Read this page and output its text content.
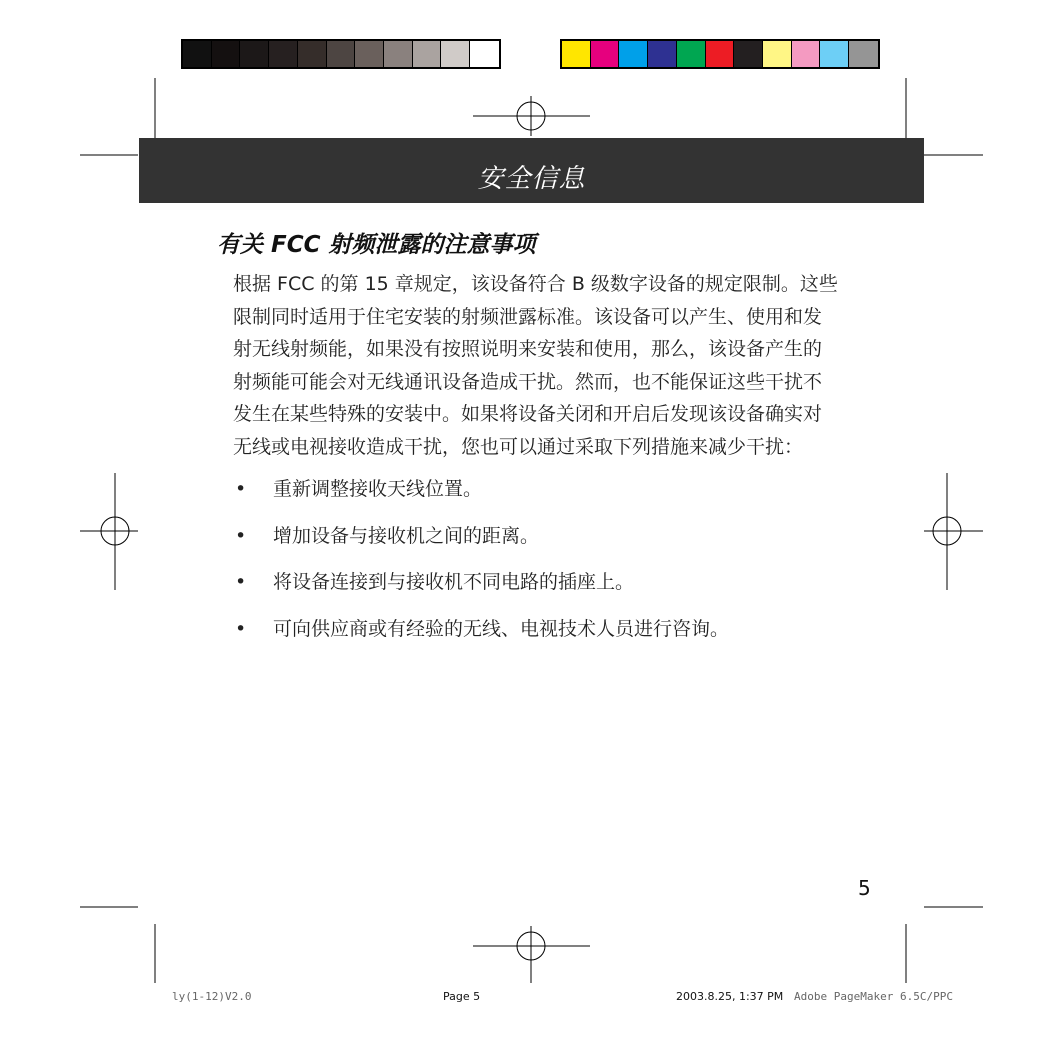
安全信息
有关 FCC 射频泄露的注意事项
根据 FCC 的第 15 章规定，该设备符合 B 级数字设备的规定限制。这些
限制同时适用于住宅安装的射频泄露标准。该设备可以产生、使用和发
射无线射频能，如果没有按照说明来安装和使用，那么，该设备产生的
射频能可能会对无线通讯设备造成干扰。然而，也不能保证这些干扰不
发生在某些特殊的安装中。如果将设备关闭和开启后发现该设备确实对
无线或电视接收造成干扰，您也可以通过采取下列措施来减少干扰：
• 重新调整接收天线位置。
• 增加设备与接收机之间的距离。
• 将设备连接到与接收机不同电路的插座上。
• 可向供应商或有经验的无线、电视技术人员进行咨询。
5
ly(1-12)V2.0	Page 5	2003.8.25, 1:37 PM Adobe PageMaker 6.5C/PPC
